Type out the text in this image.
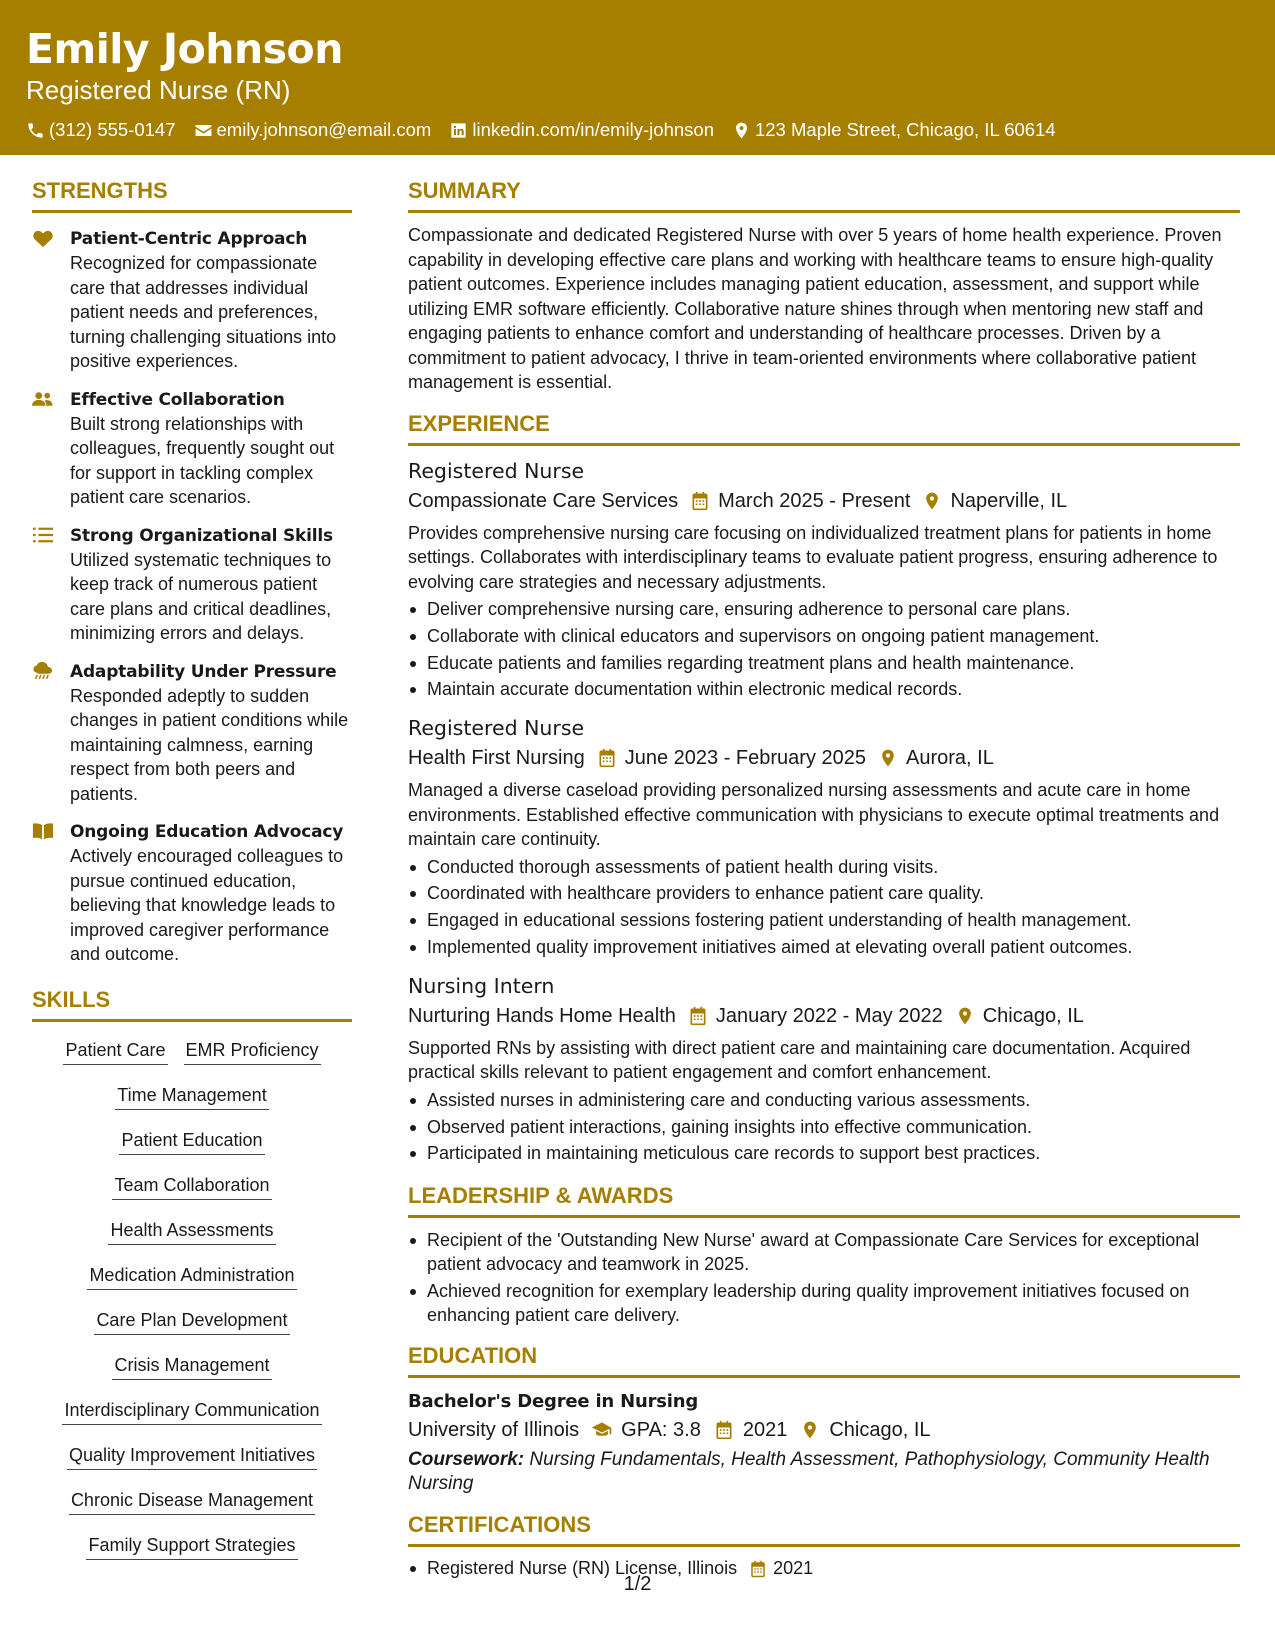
Emily Johnson
Registered Nurse (RN)
(312) 555-0147 emily.johnson@email.com linkedin.com/in/emily-johnson 123 Maple Street, Chicago, IL 60614
STRENGTHS
Patient-Centric Approach
Recognized for compassionate care that addresses individual patient needs and preferences, turning challenging situations into positive experiences.
Effective Collaboration
Built strong relationships with colleagues, frequently sought out for support in tackling complex patient care scenarios.
Strong Organizational Skills
Utilized systematic techniques to keep track of numerous patient care plans and critical deadlines, minimizing errors and delays.
Adaptability Under Pressure
Responded adeptly to sudden changes in patient conditions while maintaining calmness, earning respect from both peers and patients.
Ongoing Education Advocacy
Actively encouraged colleagues to pursue continued education, believing that knowledge leads to improved caregiver performance and outcome.
SKILLS
Patient Care EMR Proficiency
Time Management
Patient Education
Team Collaboration
Health Assessments
Medication Administration
Care Plan Development
Crisis Management
Interdisciplinary Communication
Quality Improvement Initiatives
Chronic Disease Management
Family Support Strategies
SUMMARY
Compassionate and dedicated Registered Nurse with over 5 years of home health experience. Proven capability in developing effective care plans and working with healthcare teams to ensure high-quality patient outcomes. Experience includes managing patient education, assessment, and support while utilizing EMR software efficiently. Collaborative nature shines through when mentoring new staff and engaging patients to enhance comfort and understanding of healthcare processes. Driven by a commitment to patient advocacy, I thrive in team-oriented environments where collaborative patient management is essential.
EXPERIENCE
Registered Nurse
Compassionate Care Services March 2025 - Present Naperville, IL
Provides comprehensive nursing care focusing on individualized treatment plans for patients in home settings. Collaborates with interdisciplinary teams to evaluate patient progress, ensuring adherence to evolving care strategies and necessary adjustments.
Deliver comprehensive nursing care, ensuring adherence to personal care plans.
Collaborate with clinical educators and supervisors on ongoing patient management.
Educate patients and families regarding treatment plans and health maintenance.
Maintain accurate documentation within electronic medical records.
Registered Nurse
Health First Nursing June 2023 - February 2025 Aurora, IL
Managed a diverse caseload providing personalized nursing assessments and acute care in home environments. Established effective communication with physicians to execute optimal treatments and maintain care continuity.
Conducted thorough assessments of patient health during visits.
Coordinated with healthcare providers to enhance patient care quality.
Engaged in educational sessions fostering patient understanding of health management.
Implemented quality improvement initiatives aimed at elevating overall patient outcomes.
Nursing Intern
Nurturing Hands Home Health January 2022 - May 2022 Chicago, IL
Supported RNs by assisting with direct patient care and maintaining care documentation. Acquired practical skills relevant to patient engagement and comfort enhancement.
Assisted nurses in administering care and conducting various assessments.
Observed patient interactions, gaining insights into effective communication.
Participated in maintaining meticulous care records to support best practices.
LEADERSHIP & AWARDS
Recipient of the 'Outstanding New Nurse' award at Compassionate Care Services for exceptional patient advocacy and teamwork in 2025.
Achieved recognition for exemplary leadership during quality improvement initiatives focused on enhancing patient care delivery.
EDUCATION
Bachelor's Degree in Nursing
University of Illinois GPA: 3.8 2021 Chicago, IL
Coursework: Nursing Fundamentals, Health Assessment, Pathophysiology, Community Health Nursing
CERTIFICATIONS
Registered Nurse (RN) License, Illinois 2021
1/2
